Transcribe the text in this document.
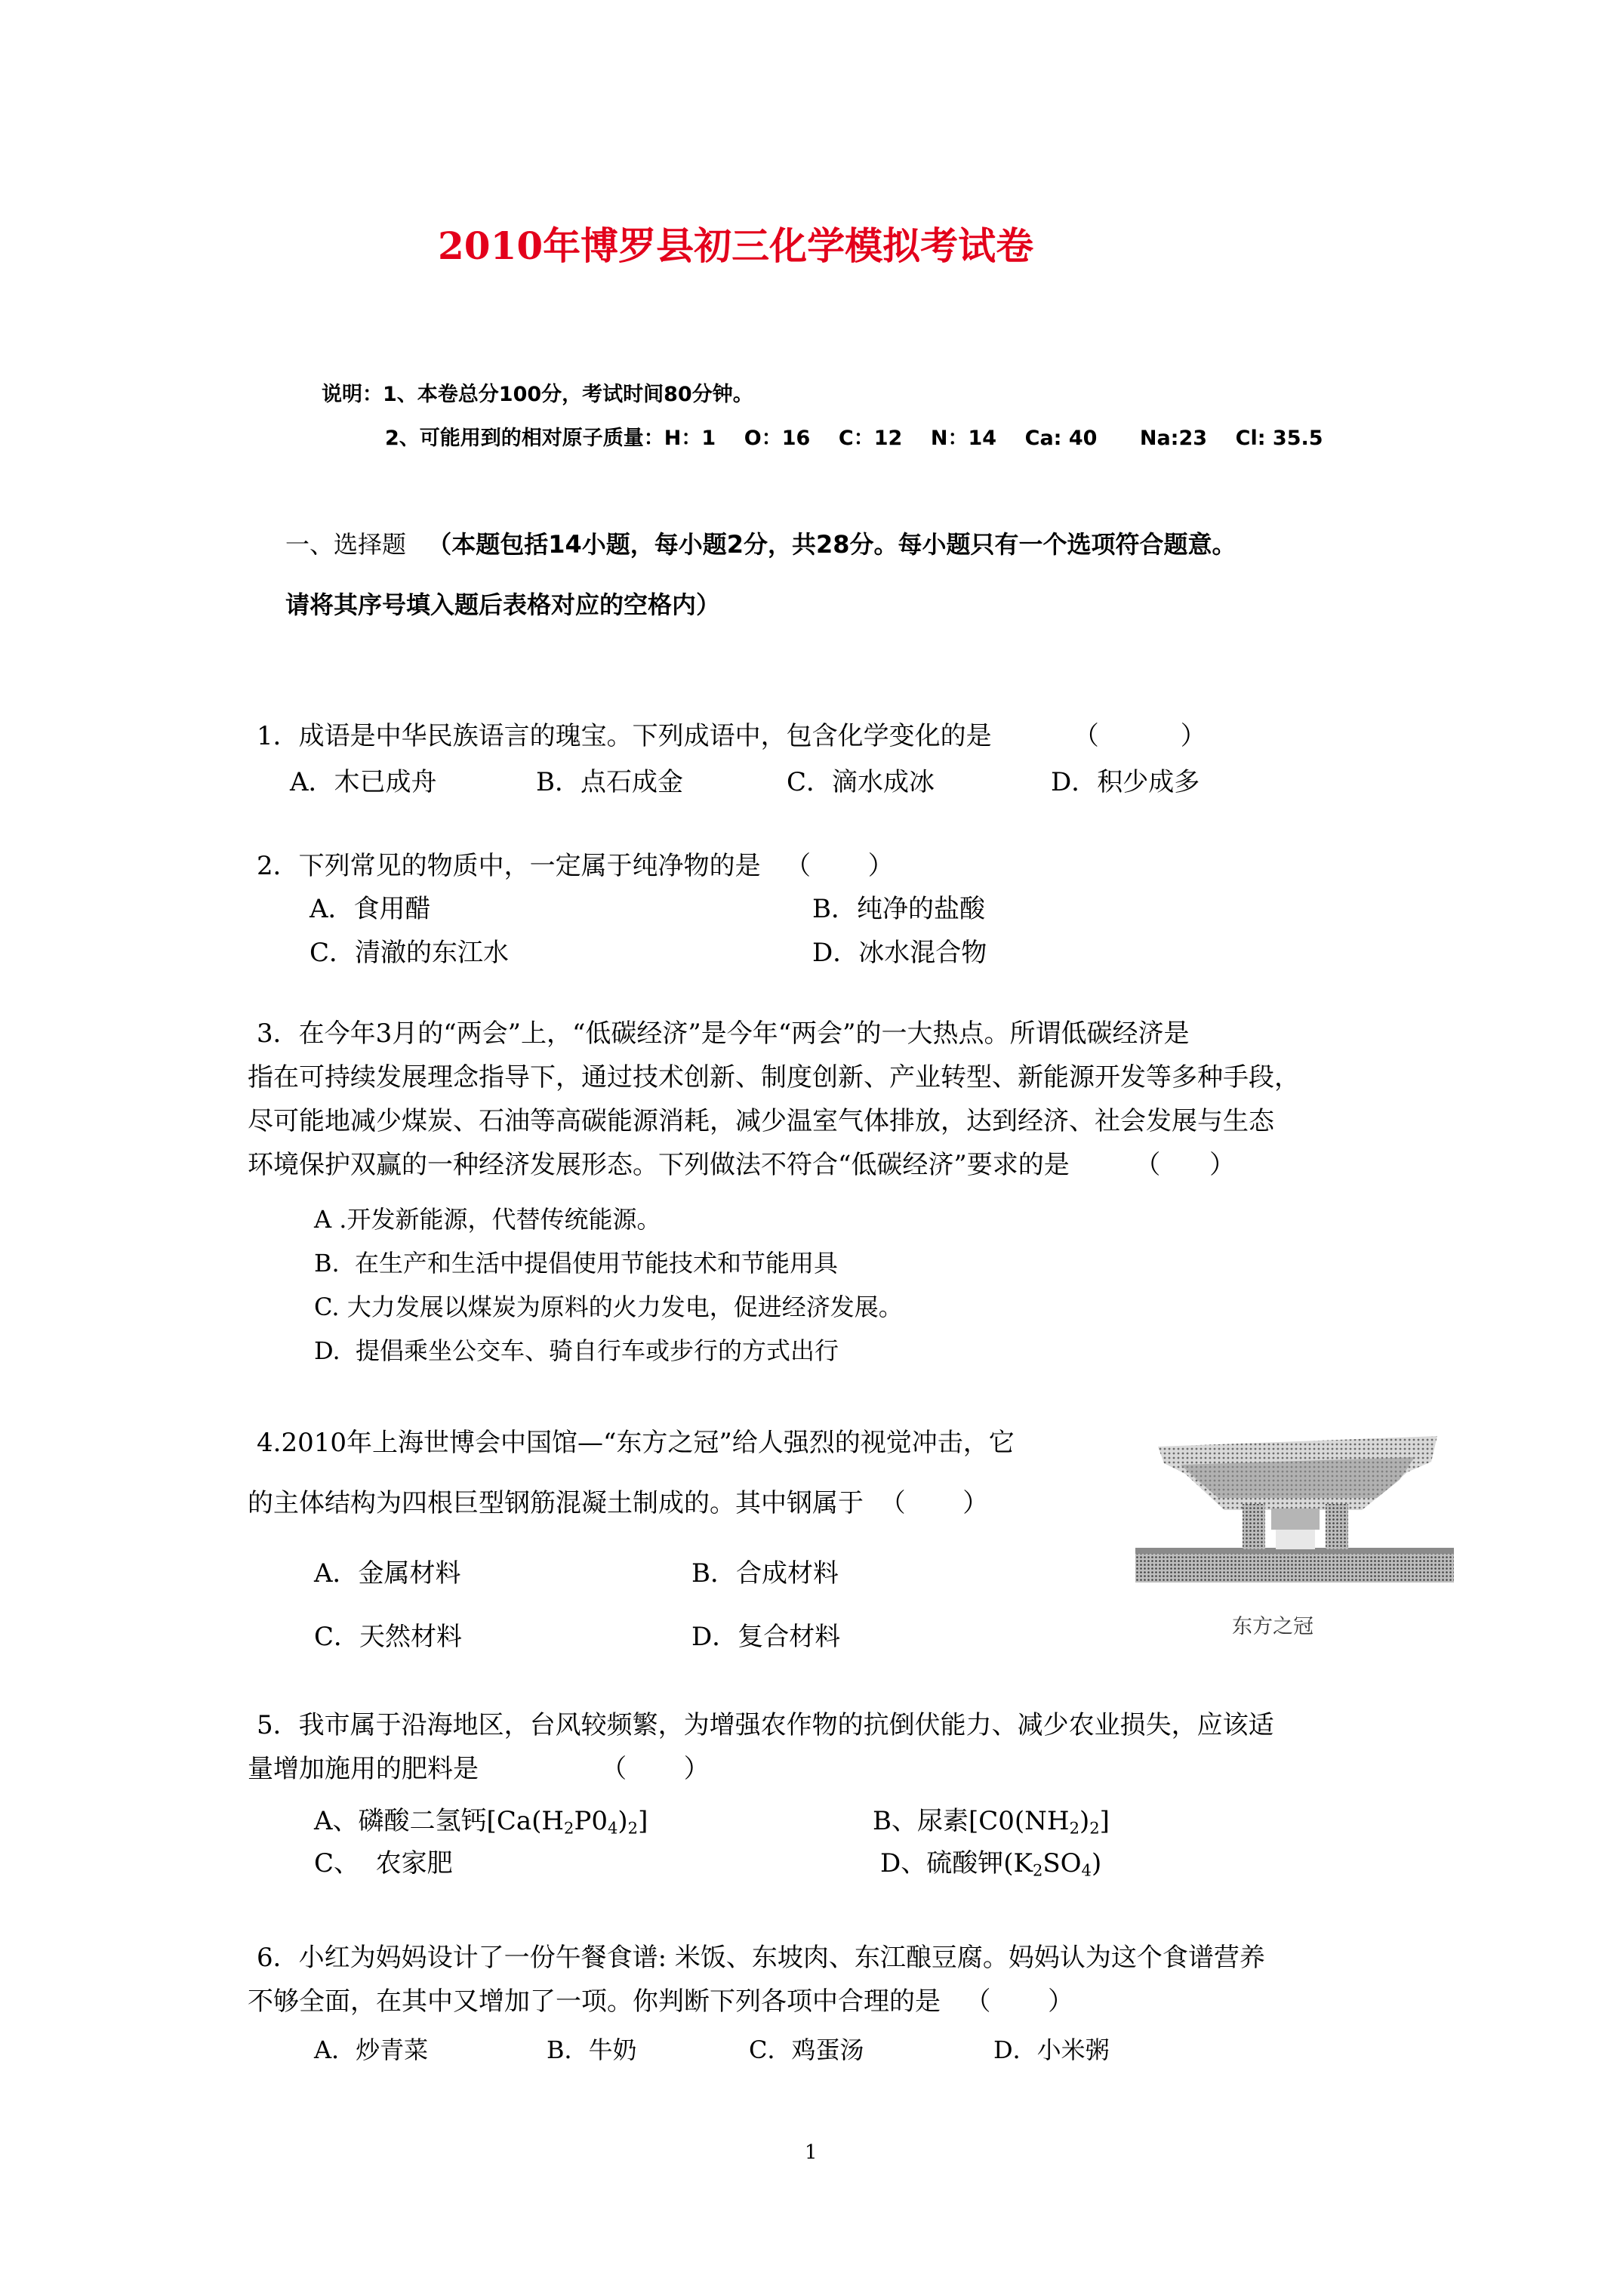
2010年博罗县初三化学模拟考试卷
说明：1、本卷总分100分，考试时间80分钟。
2、可能用到的相对原子质量：H：1    O：16    C：12    N：14    Ca: 40      Na:23    Cl: 35.5
一、选择题 （本题包括14小题，每小题2分，共28分。每小题只有一个选项符合题意。
请将其序号填入题后表格对应的空格内）
1．成语是中华民族语言的瑰宝。下列成语中，包含化学变化的是          （          ）
A．木已成舟	B．点石成金	C．滴水成冰	D．积少成多
2．下列常见的物质中，一定属于纯净物的是   （       ）
A．食用醋	B．纯净的盐酸
C．清澈的东江水	D．冰水混合物
3．在今年3月的“两会”上，“低碳经济”是今年“两会”的一大热点。所谓低碳经济是
指在可持续发展理念指导下，通过技术创新、制度创新、产业转型、新能源开发等多种手段，
尽可能地减少煤炭、石油等高碳能源消耗，减少温室气体排放，达到经济、社会发展与生态
环境保护双赢的一种经济发展形态。下列做法不符合“低碳经济”要求的是        （      ）
A .开发新能源，代替传统能源。
B.  在生产和生活中提倡使用节能技术和节能用具
C. 大力发展以煤炭为原料的火力发电，促进经济发展。
D.  提倡乘坐公交车、骑自行车或步行的方式出行
4.2010年上海世博会中国馆—“东方之冠”给人强烈的视觉冲击，它
的主体结构为四根巨型钢筋混凝土制成的。其中钢属于  （       ）
A．金属材料	B．合成材料
C．天然材料	D．复合材料	东方之冠
5．我市属于沿海地区，台风较频繁，为增强农作物的抗倒伏能力、减少农业损失，应该适
量增加施用的肥料是               （       ）
A、磷酸二氢钙$[Ca(H_2P0_4)_2]$	B、尿素$[C0(NH_2)_2]$
C、  农家肥	D、硫酸钾$(K_2SO_4)$
6．小红为妈妈设计了一份午餐食谱: 米饭、东坡肉、东江酿豆腐。妈妈认为这个食谱营养
不够全面，在其中又增加了一项。你判断下列各项中合理的是   （       ）
A．炒青菜	B．牛奶	C．鸡蛋汤	D．小米粥
1
